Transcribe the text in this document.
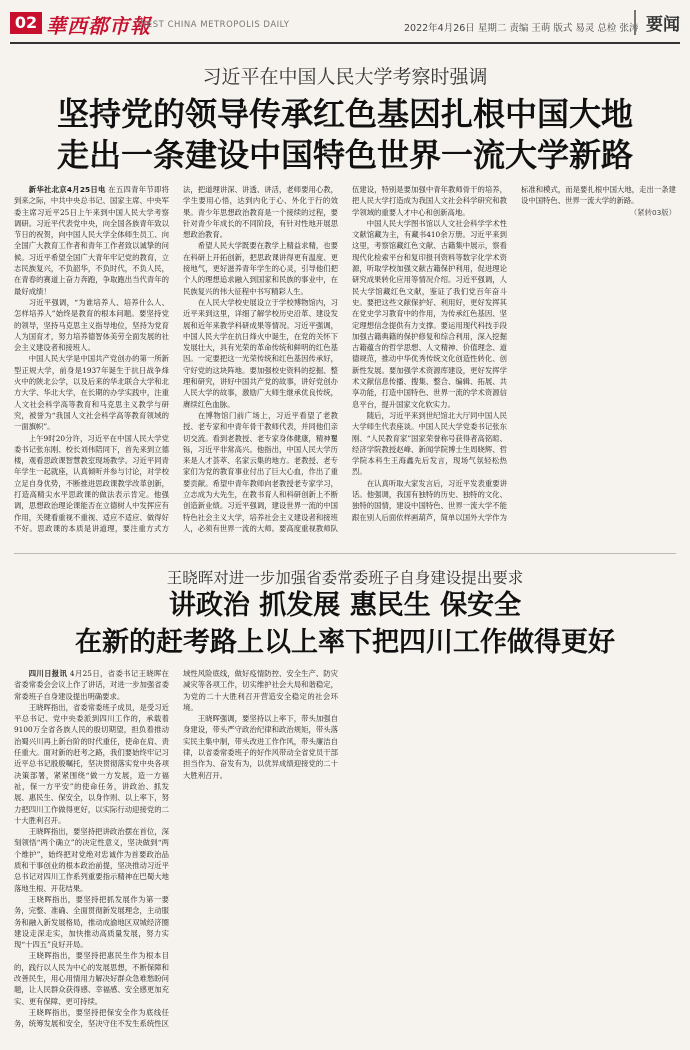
02 華西都市報
WEST CHINA METROPOLIS DAILY	2022年4月26日 星期二 责编 王萌 版式 易灵 总检 张涛 要闻
习近平在中国人民大学考察时强调
坚持党的领导传承红色基因扎根中国大地
走出一条建设中国特色世界一流大学新路

新华社北京4月25日电 在五四青年节即将到来之际，中共中央总书记、国家主席、中央军委主席习近平25日上午来到中国人民大学考察调研。习近平代表党中央，向全国各族青年致以节日的祝贺，向中国人民大学全体师生员工、向全国广大教育工作者和青年工作者致以诚挚的问候。习近平希望全国广大青年牢记党的教育，立志民族复兴，不负韶华，不负时代，不负人民，在青春的赛道上奋力奔跑，争取跑出当代青年的最好成绩！

习近平强调，“为谁培养人、培养什么人、怎样培养人”始终是教育的根本问题。要坚持党的领导，坚持马克思主义指导地位，坚持为党育人为国育才，努力培养德智体美劳全面发展的社会主义建设者和接班人。

中国人民大学是中国共产党创办的第一所新型正规大学，前身是1937年诞生于抗日战争烽火中的陕北公学，以及后来的华北联合大学和北方大学、华北大学，在长期的办学实践中，注重人文社会科学高等教育和马克思主义教学与研究，被誉为“我国人文社会科学高等教育领域的一面旗帜”。

上午9时20分许，习近平在中国人民大学党委书记张东刚、校长刘伟陪同下，首先来到立德楼，观看思政课智慧教室现场教学。习近平同青年学生一起就座，认真倾听并参与讨论，对学校立足自身优势，不断推进思政课教学改革创新，打造高精尖水平思政课的做法表示肯定。他强调，思想政治理论课能否在立德树人中发挥应有作用，关键看重视不重视、适应不适应、做得好不好。思政课的本质是讲道理，要注重方式方法，把道理讲深、讲透、讲活，老师要用心教，学生要用心悟，达到内化于心、外化于行的效果。青少年思想政治教育是一个接续的过程，要针对青少年成长的不同阶段，有针对性地开展思想政治教育。

希望人民大学既要在教学上精益求精，也要在科研上开拓创新，把思政课讲得更有温度、更接地气，更好滋养青年学生的心灵，引导他们把个人的理想追求融入到国家和民族的事业中，在民族复兴的伟大征程中书写精彩人生。

在人民大学校史展设立于学校博物馆内，习近平来到这里，详细了解学校历史沿革、建设发展和近年来教学科研成果等情况。习近平强调，中国人民大学在抗日烽火中诞生，在党的关怀下发展壮大，具有光荣的革命传统和鲜明的红色基因。一定要把这一光荣传统和红色基因传承好，守好党的这块阵地。要加强校史资料的挖掘、整理和研究，讲好中国共产党的故事，讲好党创办人民大学的故事，激励广大师生继承优良传统，赓续红色血脉。

在博物馆门前广场上，习近平看望了老教授、老专家和中青年骨干教师代表，并同他们亲切交流。看到老教授、老专家身体健康，精神矍铄，习近平非常高兴。他指出，中国人民大学历来是人才荟萃、名家云集的地方。老教授、老专家们为党的教育事业付出了巨大心血，作出了重要贡献。希望中青年教师向老教授老专家学习，立志成为大先生，在教书育人和科研创新上不断创造新业绩。习近平强调，建设世界一流的中国特色社会主义大学，培养社会主义建设者和接班人，必须有世界一流的大师。要高度重视教师队伍建设，特别是要加强中青年教师骨干的培养，把人民大学打造成为我国人文社会科学研究和教学领域的重要人才中心和创新高地。

中国人民大学图书馆以人文社会科学学术性文献馆藏为主，有藏书410余万册。习近平来到这里，考察馆藏红色文献、古籍集中展示，察看现代化检索平台和复印报刊资料等数字化学术资源，听取学校加强文献古籍保护利用，促进理论研究成果转化应用等情况介绍。习近平强调，人民大学馆藏红色文献，鉴证了我们党百年奋斗史。要把这些文献保护好、利用好，更好发挥其在党史学习教育中的作用，为传承红色基因、坚定理想信念提供有力支撑。要运用现代科技手段加强古籍典籍的保护修复和综合利用，深入挖掘古籍蕴含的哲学思想、人文精神、价值理念、道德规范，推动中华优秀传统文化创造性转化、创新性发展。要加强学术资源库建设，更好发挥学术文献信息传播、搜集、整合、编辑、拓展、共享功能，打造中国特色、世界一流的学术资源信息平台，提升国家文化软实力。

随后，习近平来到世纪馆北大厅同中国人民大学师生代表座谈。中国人民大学党委书记张东刚、“人民教育家”国家荣誉称号获得者高铭暄、经济学院教授赵峰、新闻学院博士生周晓辉、哲学院本科生王海鑫先后发言，现场气氛轻松热烈。

在认真听取大家发言后，习近平发表重要讲话。他强调，我国有独特的历史、独特的文化、独特的国情，建设中国特色、世界一流大学不能跟在别人后面依样画葫芦，简单以国外大学作为标准和模式，而是要扎根中国大地，走出一条建设中国特色、世界一流大学的新路。

（紧转03版）
王晓晖对进一步加强省委常委班子自身建设提出要求
讲政治 抓发展 惠民生 保安全
在新的赶考路上以上率下把四川工作做得更好

四川日报讯 4月25日，省委书记王晓晖在省委常委会会议上作了讲话，对进一步加强省委常委班子自身建设提出明确要求。

王晓晖指出，省委常委班子成员，是受习近平总书记、党中央委派到四川工作的，承载着9100万全省各族人民的殷切期望，担负着推动治蜀兴川再上新台阶的时代重任，使命在肩、责任重大。面对新的赶考之路，我们要始终牢记习近平总书记殷殷嘱托，坚决贯彻落实党中央各项决策部署，紧紧围绕“做一方发展，造一方福祉，保一方平安”的使命任务，讲政治、抓发展、惠民生、保安全，以身作则、以上率下，努力把四川工作做得更好，以实际行动迎接党的二十大胜利召开。

王晓晖指出，要坚持把讲政治摆在首位，深刻领悟“两个确立”的决定性意义，坚决做到“两个维护”，始终把对党绝对忠诚作为首要政治品质和干事创业的根本政治前提，坚决推动习近平总书记对四川工作系列重要指示精神在巴蜀大地落地生根、开花结果。

王晓晖指出，要坚持把抓发展作为第一要务，完整、准确、全面贯彻新发展理念，主动服务和融入新发展格局，推动成渝地区双城经济圈建设走深走实，加快推动高质量发展，努力实现“十四五”良好开局。

王晓晖指出，要坚持把惠民生作为根本目的，践行以人民为中心的发展思想，不断保障和改善民生，用心用情用力解决好群众急难愁盼问题，让人民群众获得感、幸福感、安全感更加充实、更有保障、更可持续。

王晓晖指出，要坚持把保安全作为底线任务，统筹发展和安全，坚决守住不发生系统性区域性风险底线，做好疫情防控、安全生产、防灾减灾等各项工作，切实维护社会大局和谐稳定，为党的二十大胜利召开营造安全稳定的社会环境。

王晓晖强调，要坚持以上率下，带头加强自身建设，带头严守政治纪律和政治规矩，带头落实民主集中制，带头改进工作作风，带头廉洁自律，以省委常委班子的好作风带动全省党员干部担当作为、奋发有为，以优异成绩迎接党的二十大胜利召开。
